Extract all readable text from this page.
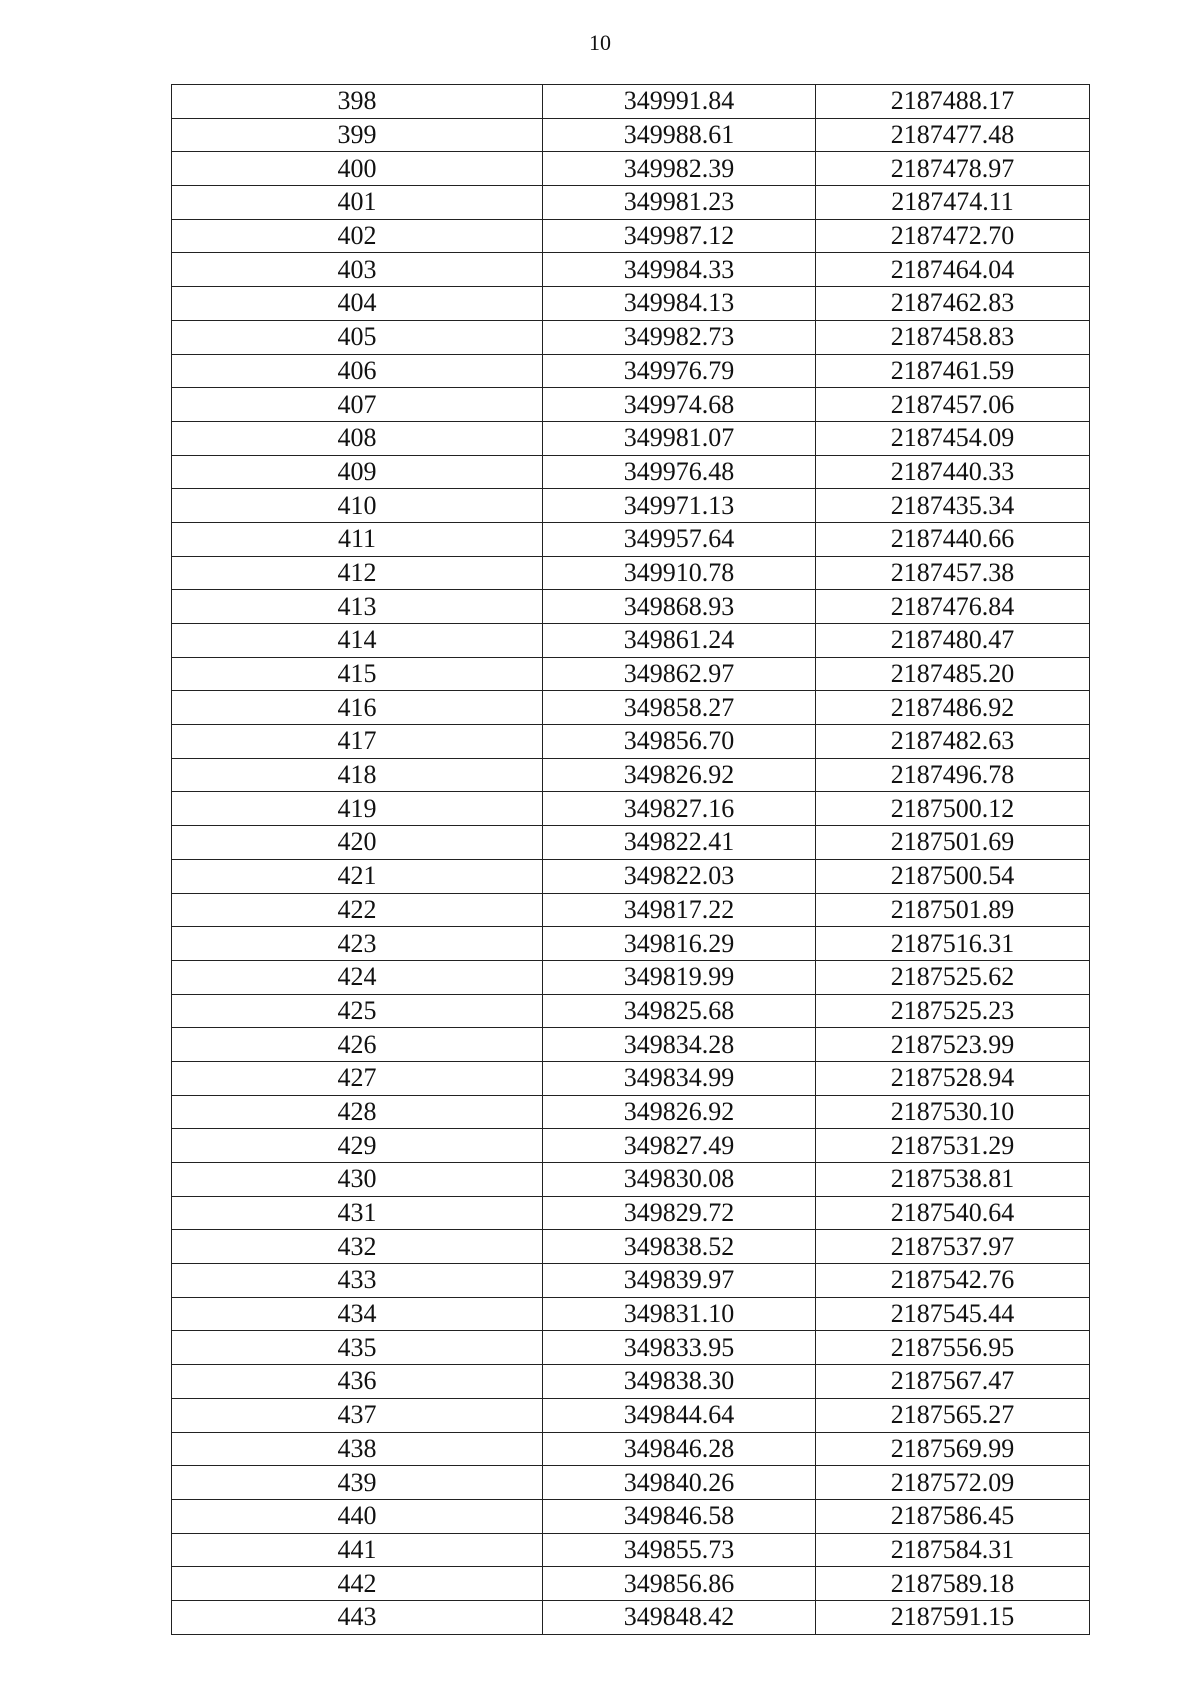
10
398	349991.84	2187488.17
399	349988.61	2187477.48
400	349982.39	2187478.97
401	349981.23	2187474.11
402	349987.12	2187472.70
403	349984.33	2187464.04
404	349984.13	2187462.83
405	349982.73	2187458.83
406	349976.79	2187461.59
407	349974.68	2187457.06
408	349981.07	2187454.09
409	349976.48	2187440.33
410	349971.13	2187435.34
411	349957.64	2187440.66
412	349910.78	2187457.38
413	349868.93	2187476.84
414	349861.24	2187480.47
415	349862.97	2187485.20
416	349858.27	2187486.92
417	349856.70	2187482.63
418	349826.92	2187496.78
419	349827.16	2187500.12
420	349822.41	2187501.69
421	349822.03	2187500.54
422	349817.22	2187501.89
423	349816.29	2187516.31
424	349819.99	2187525.62
425	349825.68	2187525.23
426	349834.28	2187523.99
427	349834.99	2187528.94
428	349826.92	2187530.10
429	349827.49	2187531.29
430	349830.08	2187538.81
431	349829.72	2187540.64
432	349838.52	2187537.97
433	349839.97	2187542.76
434	349831.10	2187545.44
435	349833.95	2187556.95
436	349838.30	2187567.47
437	349844.64	2187565.27
438	349846.28	2187569.99
439	349840.26	2187572.09
440	349846.58	2187586.45
441	349855.73	2187584.31
442	349856.86	2187589.18
443	349848.42	2187591.15
